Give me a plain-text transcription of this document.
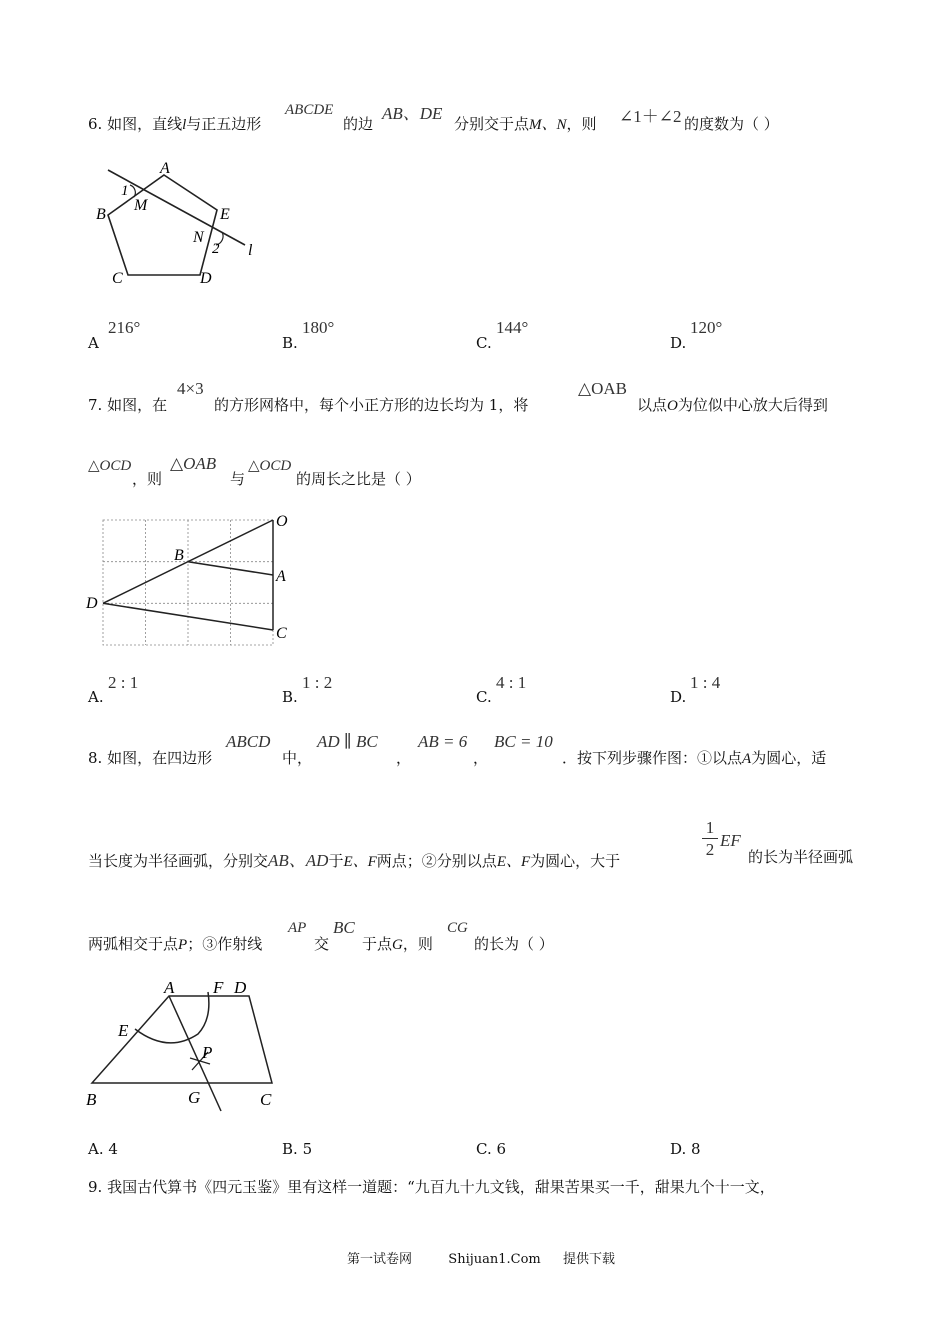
6. 如图，直线l与正五边形
ABCDE
的边
AB、DE
分别交于点M、N，则 ∠1＋∠2 的度数为（ ）
A
1
M
B	E
N
2 l
C	D
A
216°
B.
180°
C.
144°
D.
120°
7. 如图，在
4×3
的方形网格中，每个小正方形的边长均为 1，将
△OAB
以点O为位似中心放大后得到
△OCD
，则
△OAB
与
△OCD
的周长之比是（ ）
O
B
A
D
C
A.
2 : 1
B.
1 : 2
C.
4 : 1
D.
1 : 4
8. 如图，在四边形
ABCD
中，
AD ∥ BC
，
AB = 6
，
BC = 10
．按下列步骤作图：①以点A为圆心，适
当长度为半径画弧，分别交AB、AD于E、F两点；②分别以点E、F为圆心，大于	$\frac{1}{2}$ EF
的长为半径画弧
两弧相交于点P；③作射线
AP
交
BC
于点G，则
CG
的长为（ ）
A F D
E
P
B	G	C
A. 4	B. 5	C. 6	D. 8
9. 我国古代算书《四元玉鉴》里有这样一道题：“九百九十九文钱，甜果苦果买一千，甜果九个十一文，
第一试卷网	Shijuan1.Com 提供下载
